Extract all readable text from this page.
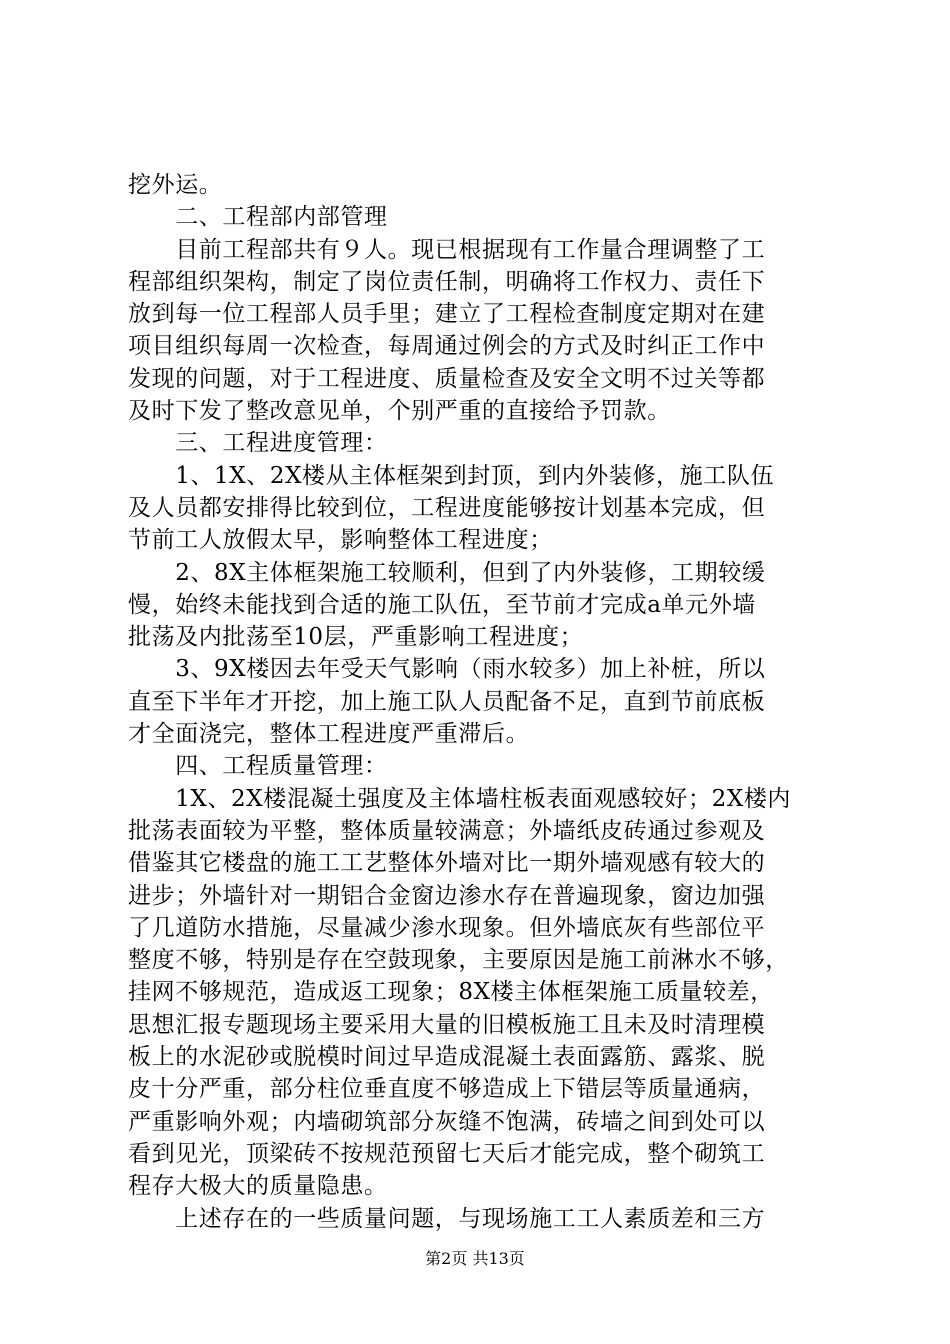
挖外运。
　　二、工程部内部管理
　　目前工程部共有９人。现已根据现有工作量合理调整了工
程部组织架构，制定了岗位责任制，明确将工作权力、责任下
放到每一位工程部人员手里；建立了工程检查制度定期对在建
项目组织每周一次检查，每周通过例会的方式及时纠正工作中
发现的问题，对于工程进度、质量检查及安全文明不过关等都
及时下发了整改意见单，个别严重的直接给予罚款。
　　三、工程进度管理：
　　1、1X、2X楼从主体框架到封顶，到内外装修，施工队伍
及人员都安排得比较到位，工程进度能够按计划基本完成，但
节前工人放假太早，影响整体工程进度；
　　2、8X主体框架施工较顺利，但到了内外装修，工期较缓
慢，始终未能找到合适的施工队伍，至节前才完成a单元外墙
批荡及内批荡至10层，严重影响工程进度；
　　3、9X楼因去年受天气影响（雨水较多）加上补桩，所以
直至下半年才开挖，加上施工队人员配备不足，直到节前底板
才全面浇完，整体工程进度严重滞后。
　　四、工程质量管理：
　　1X、2X楼混凝土强度及主体墙柱板表面观感较好；2X楼内
批荡表面较为平整，整体质量较满意；外墙纸皮砖通过参观及
借鉴其它楼盘的施工工艺整体外墙对比一期外墙观感有较大的
进步；外墙针对一期铝合金窗边渗水存在普遍现象，窗边加强
了几道防水措施，尽量减少渗水现象。但外墙底灰有些部位平
整度不够，特别是存在空鼓现象，主要原因是施工前淋水不够，
挂网不够规范，造成返工现象；8X楼主体框架施工质量较差，
思想汇报专题现场主要采用大量的旧模板施工且未及时清理模
板上的水泥砂或脱模时间过早造成混凝土表面露筋、露浆、脱
皮十分严重，部分柱位垂直度不够造成上下错层等质量通病，
严重影响外观；内墙砌筑部分灰缝不饱满，砖墙之间到处可以
看到见光，顶梁砖不按规范预留七天后才能完成，整个砌筑工
程存大极大的质量隐患。
　　上述存在的一些质量问题，与现场施工工人素质差和三方
第2页 共13页
